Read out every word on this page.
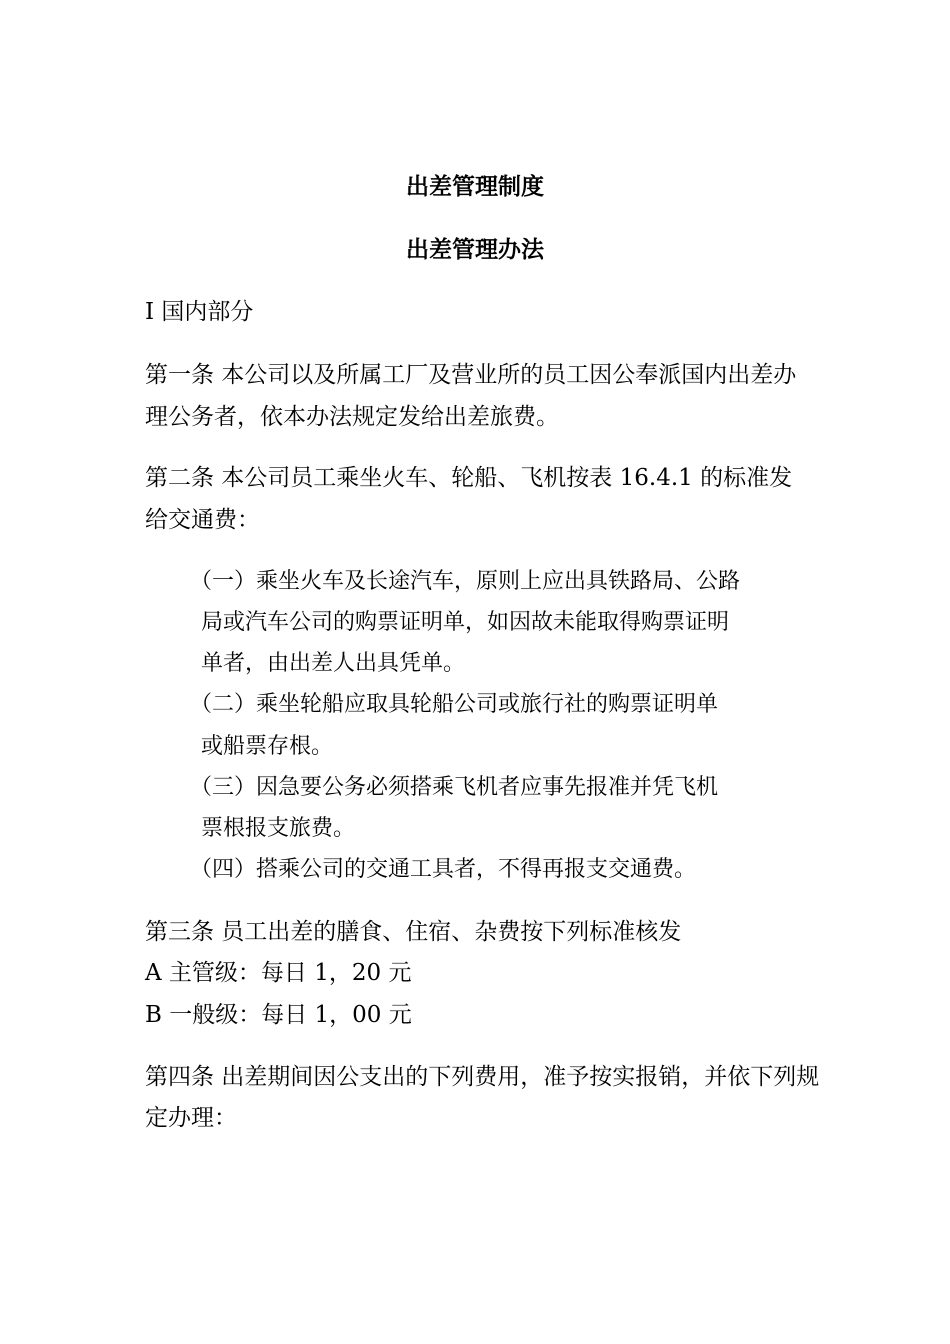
出差管理制度
出差管理办法
Ⅰ 国内部分
第一条 本公司以及所属工厂及营业所的员工因公奉派国内出差办
理公务者，依本办法规定发给出差旅费。
第二条 本公司员工乘坐火车、轮船、飞机按表 16.4.1 的标准发
给交通费：
（一）乘坐火车及长途汽车，原则上应出具铁路局、公路
局或汽车公司的购票证明单，如因故未能取得购票证明
单者，由出差人出具凭单。
（二）乘坐轮船应取具轮船公司或旅行社的购票证明单
或船票存根。
（三）因急要公务必须搭乘飞机者应事先报准并凭飞机
票根报支旅费。
（四）搭乘公司的交通工具者，不得再报支交通费。
第三条 员工出差的膳食、住宿、杂费按下列标准核发
A 主管级：每日 1，20 元
B 一般级：每日 1，00 元
第四条 出差期间因公支出的下列费用，准予按实报销，并依下列规
定办理：
